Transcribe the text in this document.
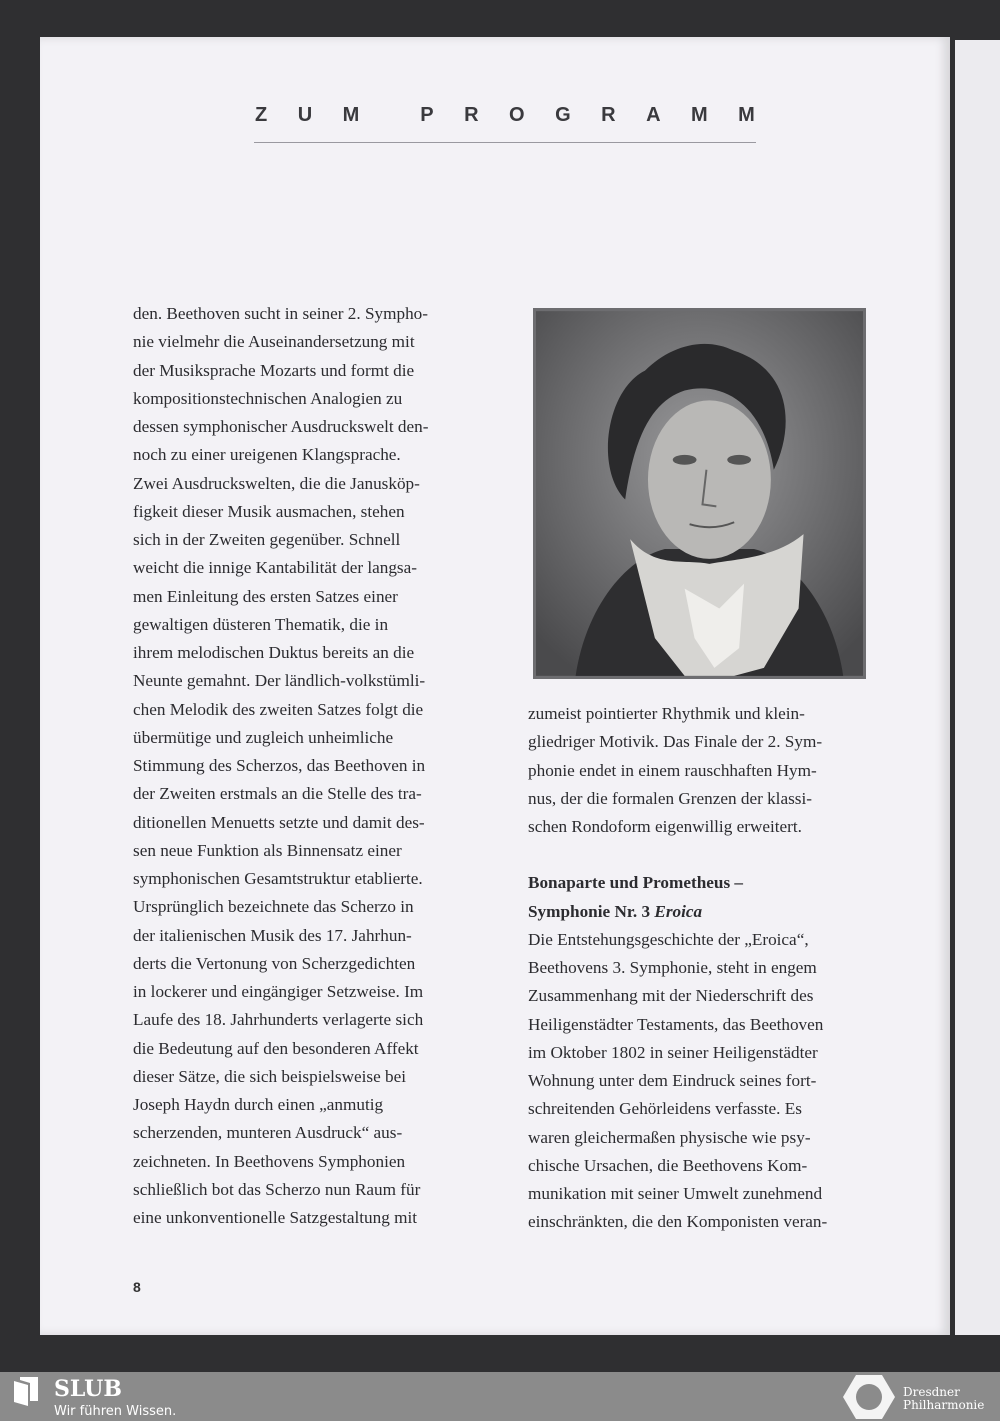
Z U M	P R O G R A M M
den. Beethoven sucht in seiner 2. Sympho-
nie vielmehr die Auseinandersetzung mit
der Musiksprache Mozarts und formt die
kompositionstechnischen Analogien zu
dessen symphonischer Ausdruckswelt den-
noch zu einer ureigenen Klangsprache.
Zwei Ausdruckswelten, die die Janusköp-
figkeit dieser Musik ausmachen, stehen
sich in der Zweiten gegenüber. Schnell
weicht die innige Kantabilität der langsa-
men Einleitung des ersten Satzes einer
gewaltigen düsteren Thematik, die in
ihrem melodischen Duktus bereits an die
Neunte gemahnt. Der ländlich-volkstümli-
chen Melodik des zweiten Satzes folgt die
übermütige und zugleich unheimliche
Stimmung des Scherzos, das Beethoven in
der Zweiten erstmals an die Stelle des tra-
ditionellen Menuetts setzte und damit des-
sen neue Funktion als Binnensatz einer
symphonischen Gesamtstruktur etablierte.
Ursprünglich bezeichnete das Scherzo in
der italienischen Musik des 17. Jahrhun-
derts die Vertonung von Scherzgedichten
in lockerer und eingängiger Setzweise. Im
Laufe des 18. Jahrhunderts verlagerte sich
die Bedeutung auf den besonderen Affekt
dieser Sätze, die sich beispielsweise bei
Joseph Haydn durch einen „anmutig
scherzenden, munteren Ausdruck“ aus-
zeichneten. In Beethovens Symphonien
schließlich bot das Scherzo nun Raum für
eine unkonventionelle Satzgestaltung mit
zumeist pointierter Rhythmik und klein-
gliedriger Motivik. Das Finale der 2. Sym-
phonie endet in einem rauschhaften Hym-
nus, der die formalen Grenzen der klassi-
schen Rondoform eigenwillig erweitert.
Bonaparte und Prometheus –
Symphonie Nr. 3 Eroica
Die Entstehungsgeschichte der „Eroica“,
Beethovens 3. Symphonie, steht in engem
Zusammenhang mit der Niederschrift des
Heiligenstädter Testaments, das Beethoven
im Oktober 1802 in seiner Heiligenstädter
Wohnung unter dem Eindruck seines fort-
schreitenden Gehörleidens verfasste. Es
waren gleichermaßen physische wie psy-
chische Ursachen, die Beethovens Kom-
munikation mit seiner Umwelt zunehmend
einschränkten, die den Komponisten veran-
8
SLUB
Wir führen Wissen.
Dresdner
Philharmonie
